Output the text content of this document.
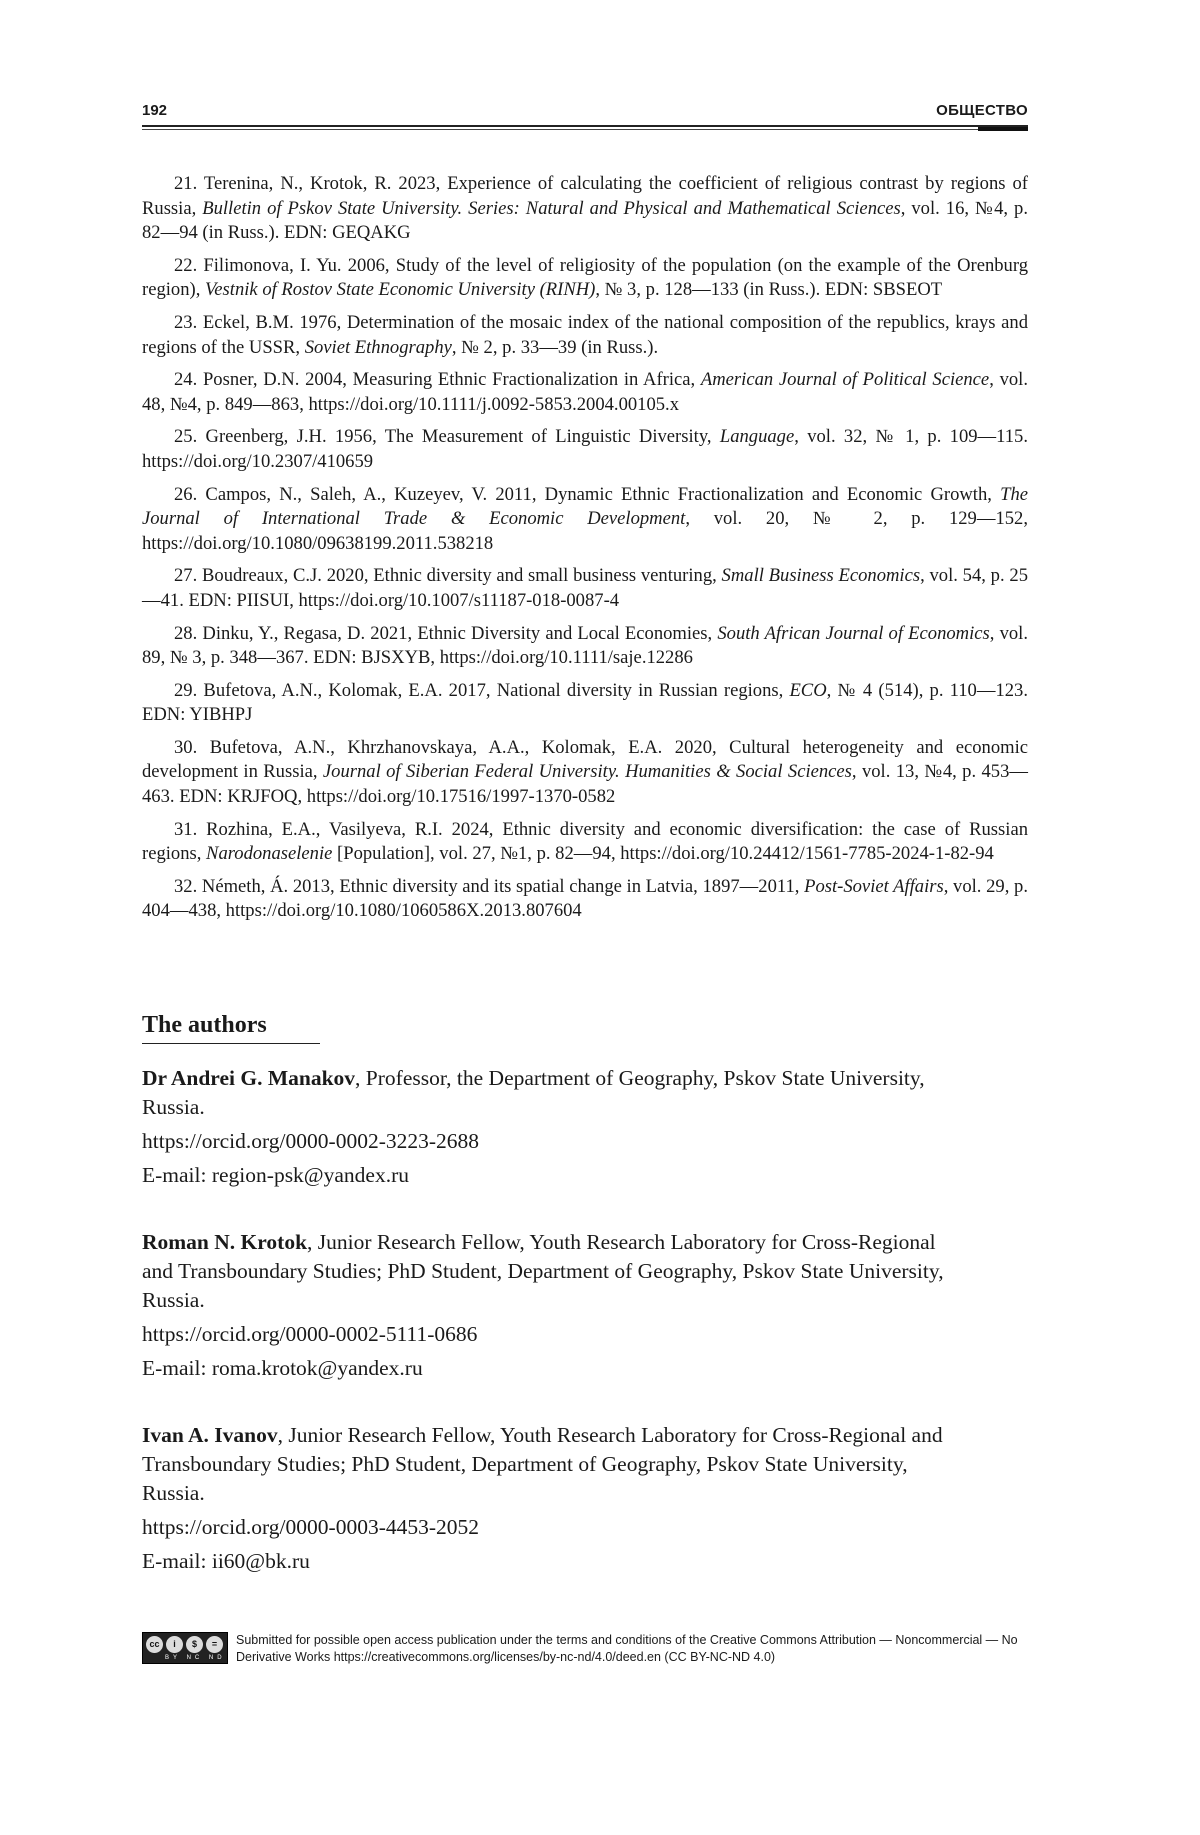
192	ОБЩЕСТВО

21. Terenina, N., Krotok, R. 2023, Experience of calculating the coefficient of religious contrast by regions of Russia, Bulletin of Pskov State University. Series: Natural and Physical and Mathematical Sciences, vol. 16, №4, p. 82—94 (in Russ.). EDN: GEQAKG

22. Filimonova, I. Yu. 2006, Study of the level of religiosity of the population (on the example of the Orenburg region), Vestnik of Rostov State Economic University (RINH), № 3, p. 128—133 (in Russ.). EDN: SBSEOT

23. Eckel, B.M. 1976, Determination of the mosaic index of the national composition of the republics, krays and regions of the USSR, Soviet Ethnography, № 2, p. 33—39 (in Russ.).

24. Posner, D.N. 2004, Measuring Ethnic Fractionalization in Africa, American Journal of Political Science, vol. 48, №4, p. 849—863, https://doi.org/10.1111/j.0092-5853.2004.00105.x

25. Greenberg, J.H. 1956, The Measurement of Linguistic Diversity, Language, vol. 32, № 1, p. 109—115. https://doi.org/10.2307/410659

26. Campos, N., Saleh, A., Kuzeyev, V. 2011, Dynamic Ethnic Fractionalization and Economic Growth, The Journal of International Trade & Economic Development, vol. 20, № 2, p. 129—152, https://doi.org/10.1080/09638199.2011.538218

27. Boudreaux, C.J. 2020, Ethnic diversity and small business venturing, Small Business Economics, vol. 54, p. 25—41. EDN: PIISUI, https://doi.org/10.1007/s11187-018-0087-4

28. Dinku, Y., Regasa, D. 2021, Ethnic Diversity and Local Economies, South African Journal of Economics, vol. 89, № 3, p. 348—367. EDN: BJSXYB, https://doi.org/10.1111/saje.12286

29. Bufetova, A.N., Kolomak, E.A. 2017, National diversity in Russian regions, ECO, № 4 (514), p. 110—123. EDN: YIBHPJ

30. Bufetova, A.N., Khrzhanovskaya, A.A., Kolomak, E.A. 2020, Cultural heterogeneity and economic development in Russia, Journal of Siberian Federal University. Humanities & Social Sciences, vol. 13, №4, p. 453—463. EDN: KRJFOQ, https://doi.org/10.17516/1997-1370-0582

31. Rozhina, E.A., Vasilyeva, R.I. 2024, Ethnic diversity and economic diversification: the case of Russian regions, Narodonaselenie [Population], vol. 27, №1, p. 82—94, https://doi.org/10.24412/1561-7785-2024-1-82-94

32. Németh, Á. 2013, Ethnic diversity and its spatial change in Latvia, 1897—2011, Post-Soviet Affairs, vol. 29, p. 404—438, https://doi.org/10.1080/1060586X.2013.807604

The authors

Dr Andrei G. Manakov, Professor, the Department of Geography, Pskov State University, Russia.

https://orcid.org/0000-0002-3223-2688

E-mail: region-psk@yandex.ru

Roman N. Krotok, Junior Research Fellow, Youth Research Laboratory for Cross-Regional and Transboundary Studies; PhD Student, Department of Geography, Pskov State University, Russia.

https://orcid.org/0000-0002-5111-0686

E-mail: roma.krotok@yandex.ru

Ivan A. Ivanov, Junior Research Fellow, Youth Research Laboratory for Cross-Regional and Transboundary Studies; PhD Student, Department of Geography, Pskov State University, Russia.

https://orcid.org/0000-0003-4453-2052

E-mail: ii60@bk.ru

cc	i	$	=
BY NC ND
Submitted for possible open access publication under the terms and conditions of the Creative Commons Attribution — Noncommercial — No Derivative Works https://creativecommons.org/licenses/by-nc-nd/4.0/deed.en (CC BY-NC-ND 4.0)
